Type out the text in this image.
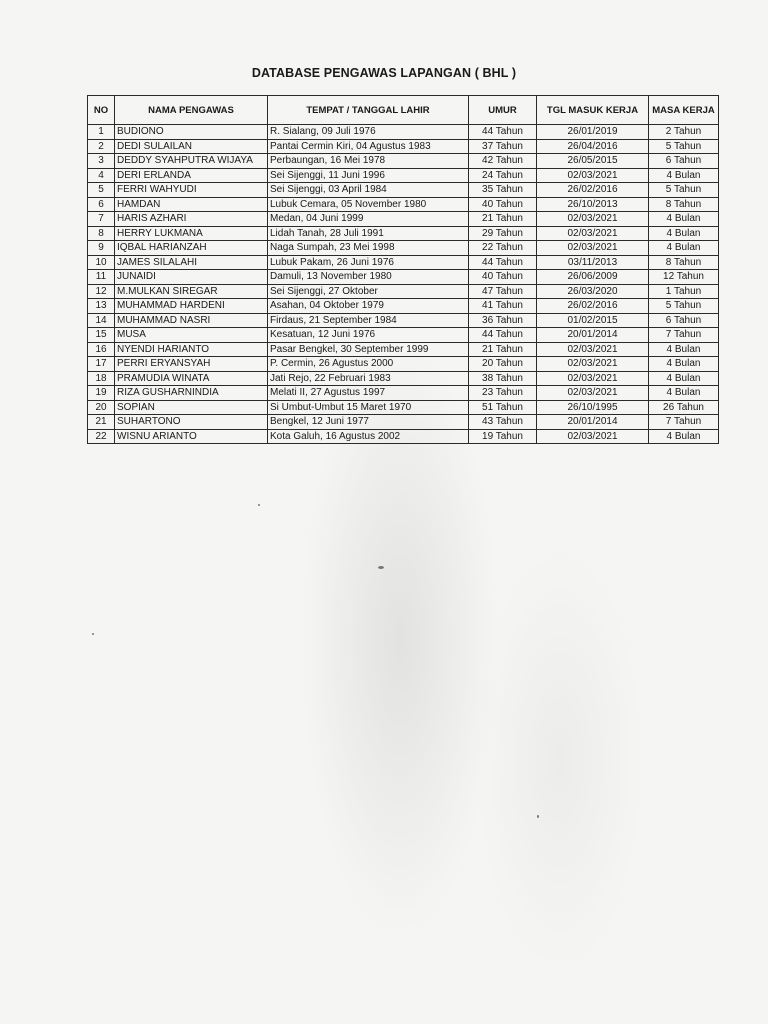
DATABASE PENGAWAS LAPANGAN ( BHL )
NO	NAMA PENGAWAS	TEMPAT / TANGGAL LAHIR	UMUR	TGL MASUK KERJA	MASA KERJA
1	BUDIONO	R. Sialang, 09 Juli 1976	44 Tahun	26/01/2019	2 Tahun
2	DEDI SULAILAN	Pantai Cermin Kiri, 04 Agustus 1983	37 Tahun	26/04/2016	5 Tahun
3	DEDDY SYAHPUTRA WIJAYA	Perbaungan, 16 Mei 1978	42 Tahun	26/05/2015	6 Tahun
4	DERI ERLANDA	Sei Sijenggi, 11 Juni 1996	24 Tahun	02/03/2021	4 Bulan
5	FERRI WAHYUDI	Sei Sijenggi, 03 April 1984	35 Tahun	26/02/2016	5 Tahun
6	HAMDAN	Lubuk Cemara, 05 November 1980	40 Tahun	26/10/2013	8 Tahun
7	HARIS AZHARI	Medan, 04 Juni 1999	21 Tahun	02/03/2021	4 Bulan
8	HERRY LUKMANA	Lidah Tanah, 28 Juli 1991	29 Tahun	02/03/2021	4 Bulan
9	IQBAL HARIANZAH	Naga Sumpah, 23 Mei 1998	22 Tahun	02/03/2021	4 Bulan
10	JAMES SILALAHI	Lubuk Pakam, 26 Juni 1976	44 Tahun	03/11/2013	8 Tahun
11	JUNAIDI	Damuli, 13 November 1980	40 Tahun	26/06/2009	12 Tahun
12	M.MULKAN SIREGAR	Sei Sijenggi, 27 Oktober	47 Tahun	26/03/2020	1 Tahun
13	MUHAMMAD HARDENI	Asahan, 04 Oktober 1979	41 Tahun	26/02/2016	5 Tahun
14	MUHAMMAD NASRI	Firdaus, 21 September 1984	36 Tahun	01/02/2015	6 Tahun
15	MUSA	Kesatuan, 12 Juni 1976	44 Tahun	20/01/2014	7 Tahun
16	NYENDI HARIANTO	Pasar Bengkel, 30 September 1999	21 Tahun	02/03/2021	4 Bulan
17	PERRI ERYANSYAH	P. Cermin, 26 Agustus 2000	20 Tahun	02/03/2021	4 Bulan
18	PRAMUDIA WINATA	Jati Rejo, 22 Februari 1983	38 Tahun	02/03/2021	4 Bulan
19	RIZA GUSHARNINDIA	Melati II, 27 Agustus 1997	23 Tahun	02/03/2021	4 Bulan
20	SOPIAN	Si Umbut-Umbut 15 Maret 1970	51 Tahun	26/10/1995	26 Tahun
21	SUHARTONO	Bengkel, 12 Juni 1977	43 Tahun	20/01/2014	7 Tahun
22	WISNU ARIANTO	Kota Galuh, 16 Agustus 2002	19 Tahun	02/03/2021	4 Bulan
